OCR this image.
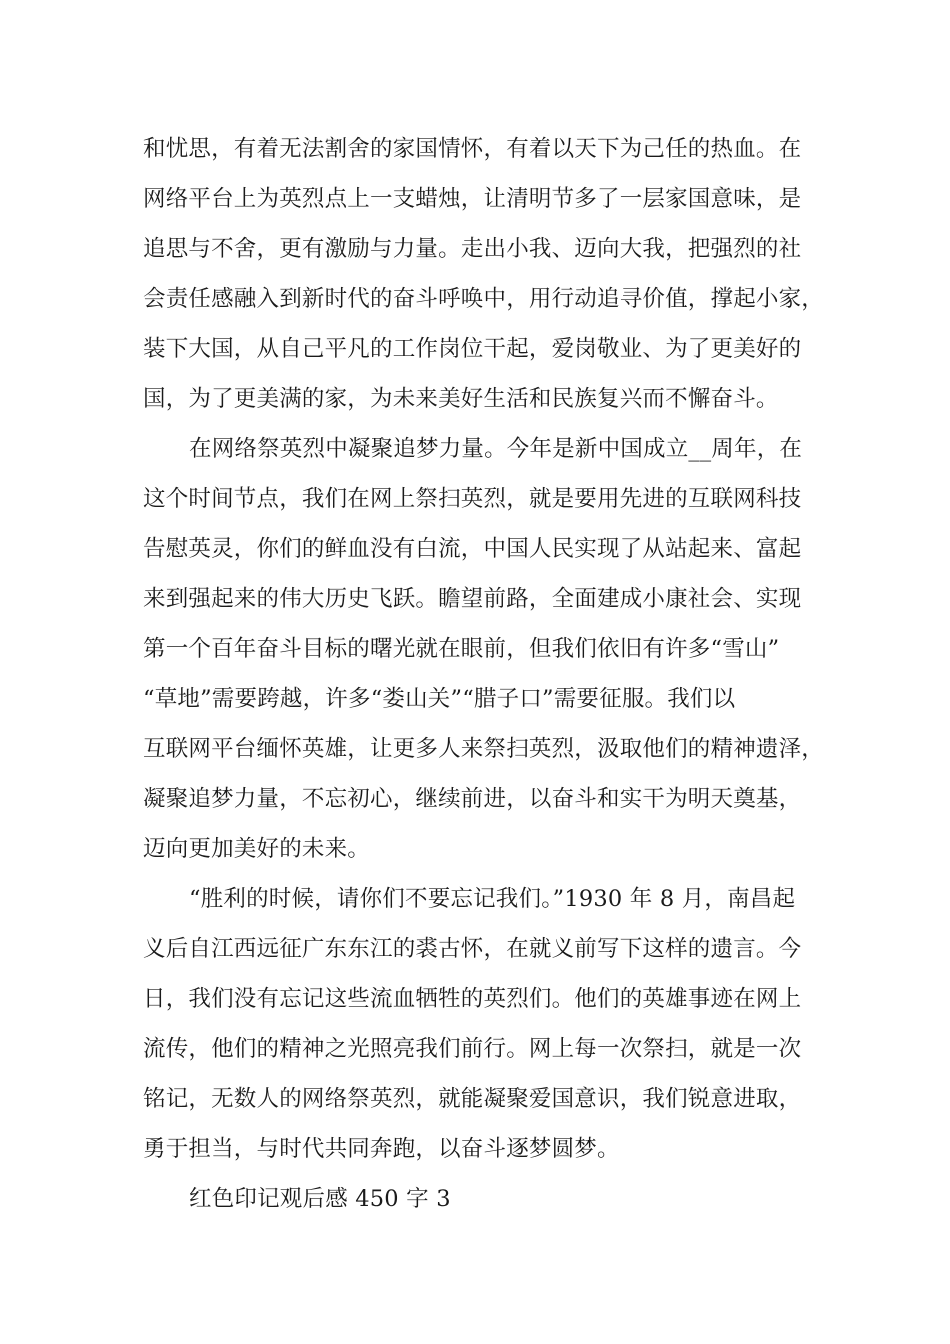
和忧思，有着无法割舍的家国情怀，有着以天下为己任的热血。在
网络平台上为英烈点上一支蜡烛，让清明节多了一层家国意味，是
追思与不舍，更有激励与力量。走出小我、迈向大我，把强烈的社
会责任感融入到新时代的奋斗呼唤中，用行动追寻价值，撑起小家，
装下大国，从自己平凡的工作岗位干起，爱岗敬业、为了更美好的
国，为了更美满的家，为未来美好生活和民族复兴而不懈奋斗。
在网络祭英烈中凝聚追梦力量。今年是新中国成立__周年，在
这个时间节点，我们在网上祭扫英烈，就是要用先进的互联网科技
告慰英灵，你们的鲜血没有白流，中国人民实现了从站起来、富起
来到强起来的伟大历史飞跃。瞻望前路，全面建成小康社会、实现
第一个百年奋斗目标的曙光就在眼前，但我们依旧有许多“雪山”
“草地”需要跨越，许多“娄山关”“腊子口”需要征服。我们以
互联网平台缅怀英雄，让更多人来祭扫英烈，汲取他们的精神遗泽，
凝聚追梦力量，不忘初心，继续前进，以奋斗和实干为明天奠基，
迈向更加美好的未来。
“胜利的时候，请你们不要忘记我们。”1930 年 8 月，南昌起
义后自江西远征广东东江的裘古怀，在就义前写下这样的遗言。今
日，我们没有忘记这些流血牺牲的英烈们。他们的英雄事迹在网上
流传，他们的精神之光照亮我们前行。网上每一次祭扫，就是一次
铭记，无数人的网络祭英烈，就能凝聚爱国意识，我们锐意进取，
勇于担当，与时代共同奔跑，以奋斗逐梦圆梦。
红色印记观后感 450 字 3
